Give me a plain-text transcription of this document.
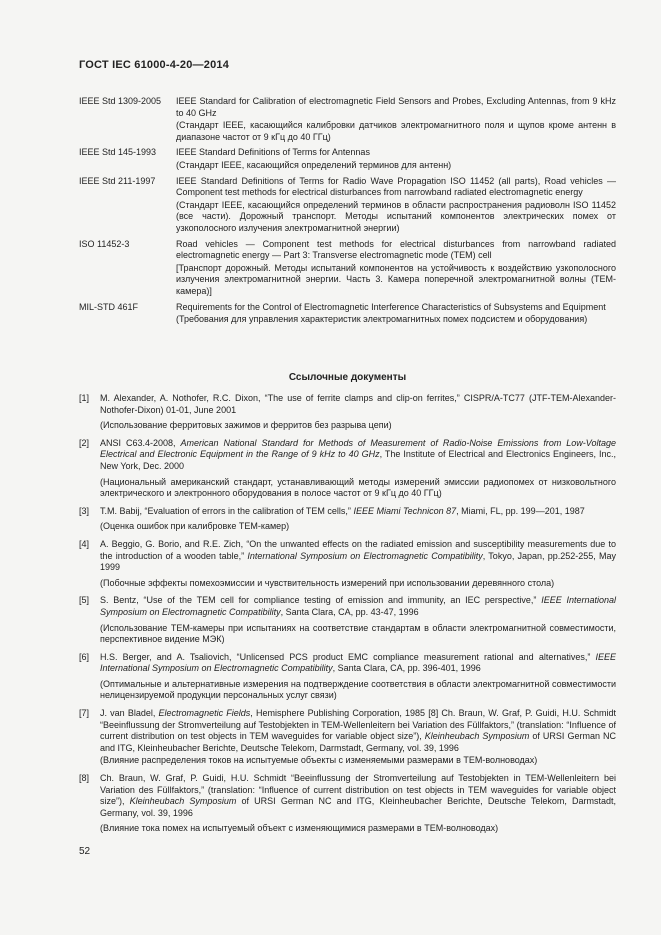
ГОСТ IEC 61000-4-20—2014
IEEE Std 1309-2005	IEEE Standard for Calibration of electromagnetic Field Sensors and Probes, Excluding Antennas, from 9 kHz to 40 GHz

(Стандарт IEEE, касающийся калибровки датчиков электромагнитного поля и щупов кроме антенн в диапазоне частот от 9 кГц до 40 ГГц)

IEEE Std 145-1993	IEEE Standard Definitions of Terms for Antennas

(Стандарт IEEE, касающийся определений терминов для антенн)

IEEE Std 211-1997	IEEE Standard Definitions of Terms for Radio Wave Propagation ISO 11452 (all parts), Road vehicles — Component test methods for electrical disturbances from narrowband radiated electromagnetic energy

(Стандарт IEEE, касающийся определений терминов в области распространения радиоволн ISO 11452 (все части). Дорожный транспорт. Методы испытаний компонентов электрических помех от узкополосного излучения электромагнитной энергии)

ISO 11452-3	Road vehicles — Component test methods for electrical disturbances from narrowband radiated electromagnetic energy — Part 3: Transverse electromagnetic mode (TEM) cell

[Транспорт дорожный. Методы испытаний компонентов на устойчивость к воздействию узкополосного излучения электромагнитной энергии. Часть 3. Камера поперечной электромагнитной волны (ТЕМ-камера)]

MIL-STD 461F	Requirements for the Control of Electromagnetic Interference Characteristics of Subsystems and Equipment

(Требования для управления характеристик электромагнитных помех подсистем и оборудования)

Ссылочные документы
[1]	M. Alexander, A. Nothofer, R.C. Dixon, “The use of ferrite clamps and clip-on ferrites,” CISPR/A-TC77 (JTF-TEM-Alexander-Nothofer-Dixon) 01-01, June 2001

(Использование ферритовых зажимов и ферритов без разрыва цепи)

[2]	ANSI C63.4-2008, American National Standard for Methods of Measurement of Radio-Noise Emissions from Low-Voltage Electrical and Electronic Equipment in the Range of 9 kHz to 40 GHz, The Institute of Electrical and Electronics Engineers, Inc., New York, Dec. 2000

(Национальный американский стандарт, устанавливающий методы измерений эмиссии радиопомех от низковольтного электрического и электронного оборудования в полосе частот от 9 кГц до 40 ГГц)

[3]	T.M. Babij, “Evaluation of errors in the calibration of TEM cells,” IEEE Miami Technicon 87, Miami, FL, pp. 199—201, 1987

(Оценка ошибок при калибровке ТЕМ-камер)

[4]	A. Beggio, G. Borio, and R.E. Zich, “On the unwanted effects on the radiated emission and susceptibility measurements due to the introduction of a wooden table,” International Symposium on Electromagnetic Compatibility, Tokyo, Japan, pp.252-255, May 1999

(Побочные эффекты помехоэмиссии и чувствительность измерений при использовании деревянного стола)

[5]	S. Bentz, “Use of the TEM cell for compliance testing of emission and immunity, an IEC perspective,” IEEE International Symposium on Electromagnetic Compatibility, Santa Clara, CA, pp. 43-47, 1996

(Использование ТЕМ-камеры при испытаниях на соответствие стандартам в области электромагнитной совместимости, перспективное видение МЭК)

[6]	H.S. Berger, and A. Tsaliovich, “Unlicensed PCS product EMC compliance measurement rational and alternatives,” IEEE International Symposium on Electromagnetic Compatibility, Santa Clara, CA, pp. 396-401, 1996

(Оптимальные и альтернативные измерения на подтверждение соответствия в области электромагнитной совместимости нелицензируемой продукции персональных услуг связи)

[7]	J. van Bladel, Electromagnetic Fields, Hemisphere Publishing Corporation, 1985 [8] Ch. Braun, W. Graf, P. Guidi, H.U. Schmidt “Beeinflussung der Stromverteilung auf Testobjekten in TEM-Wellenleitern bei Variation des Füllfaktors,” (translation: “Influence of current distribution on test objects in TEM waveguides for variable object size”), Kleinheubach Symposium of URSI German NC and ITG, Kleinheubacher Berichte, Deutsche Telekom, Darmstadt, Germany, vol. 39, 1996

(Влияние распределения токов на испытуемые объекты с изменяемыми размерами в ТЕМ-волноводах)

[8]	Ch. Braun, W. Graf, P. Guidi, H.U. Schmidt “Beeinflussung der Stromverteilung auf Testobjekten in TEM-Wellenleitern bei Variation des Füllfaktors,” (translation: “Influence of current distribution on test objects in TEM waveguides for variable object size”), Kleinheubach Symposium of URSI German NC and ITG, Kleinheubacher Berichte, Deutsche Telekom, Darmstadt, Germany, vol. 39, 1996

(Влияние тока помех на испытуемый объект с изменяющимися размерами в ТЕМ-волноводах)

52
